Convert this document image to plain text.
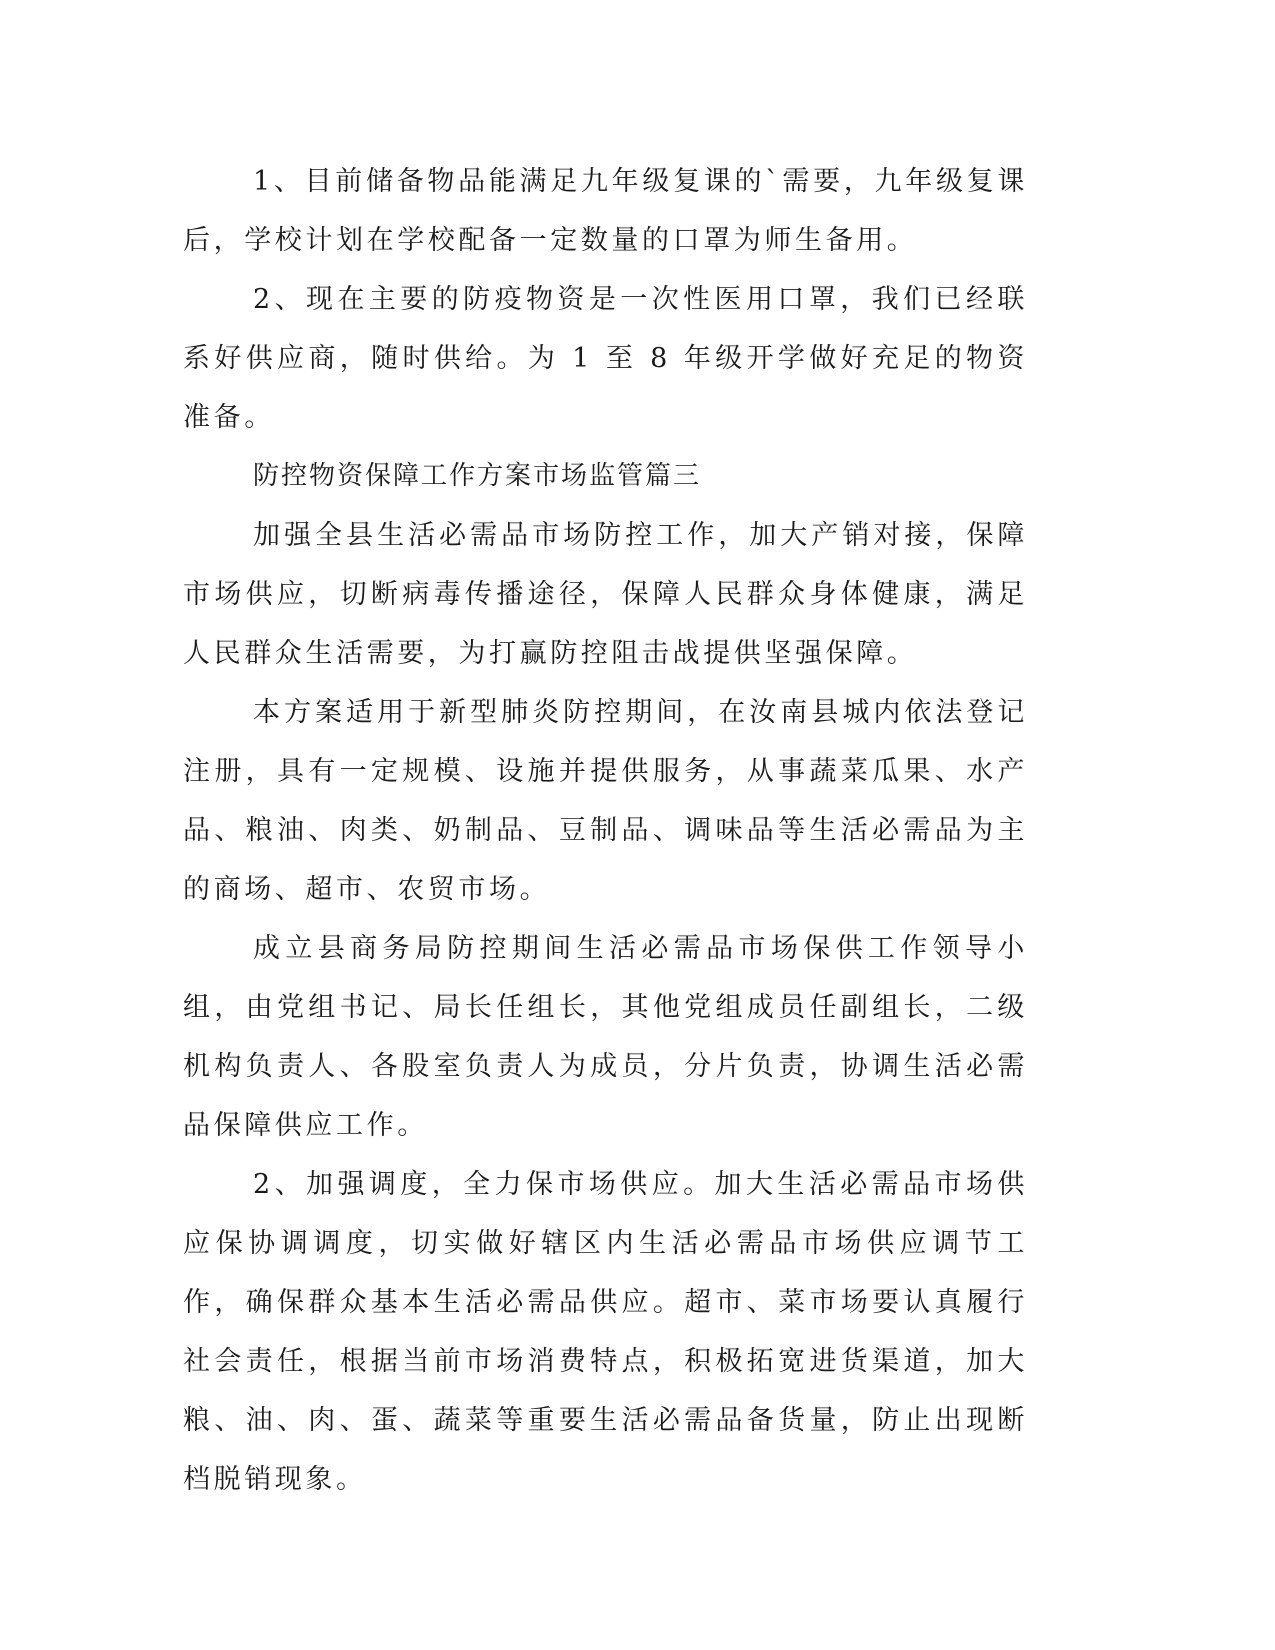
1、目前储备物品能满足九年级复课的`需要，九年级复课后，学校计划在学校配备一定数量的口罩为师生备用。

2、现在主要的防疫物资是一次性医用口罩，我们已经联系好供应商，随时供给。为 1 至 8 年级开学做好充足的物资准备。

防控物资保障工作方案市场监管篇三

加强全县生活必需品市场防控工作，加大产销对接，保障市场供应，切断病毒传播途径，保障人民群众身体健康，满足人民群众生活需要，为打赢防控阻击战提供坚强保障。

本方案适用于新型肺炎防控期间，在汝南县城内依法登记注册，具有一定规模、设施并提供服务，从事蔬菜瓜果、水产品、粮油、肉类、奶制品、豆制品、调味品等生活必需品为主的商场、超市、农贸市场。

成立县商务局防控期间生活必需品市场保供工作领导小组，由党组书记、局长任组长，其他党组成员任副组长，二级机构负责人、各股室负责人为成员，分片负责，协调生活必需品保障供应工作。

2、加强调度，全力保市场供应。加大生活必需品市场供应保协调调度，切实做好辖区内生活必需品市场供应调节工作，确保群众基本生活必需品供应。超市、菜市场要认真履行社会责任，根据当前市场消费特点，积极拓宽进货渠道，加大粮、油、肉、蛋、蔬菜等重要生活必需品备货量，防止出现断档脱销现象。
